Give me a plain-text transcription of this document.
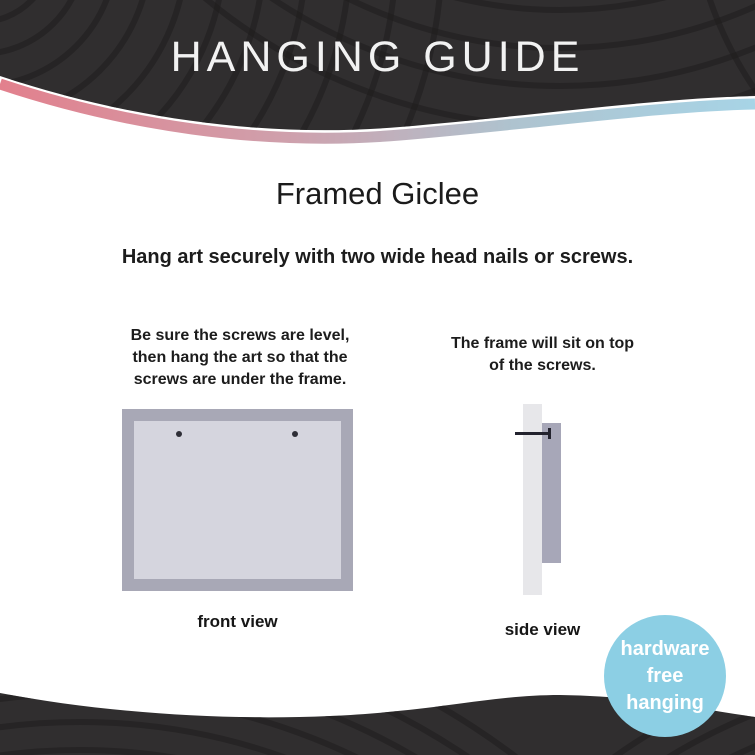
HANGING GUIDE
Framed Giclee
Hang art securely with two wide head nails or screws.
Be sure the screws are level,
then hang the art so that the
screws are under the frame.
front view
The frame will sit on top
of the screws.
side view
hardware
free
hanging
